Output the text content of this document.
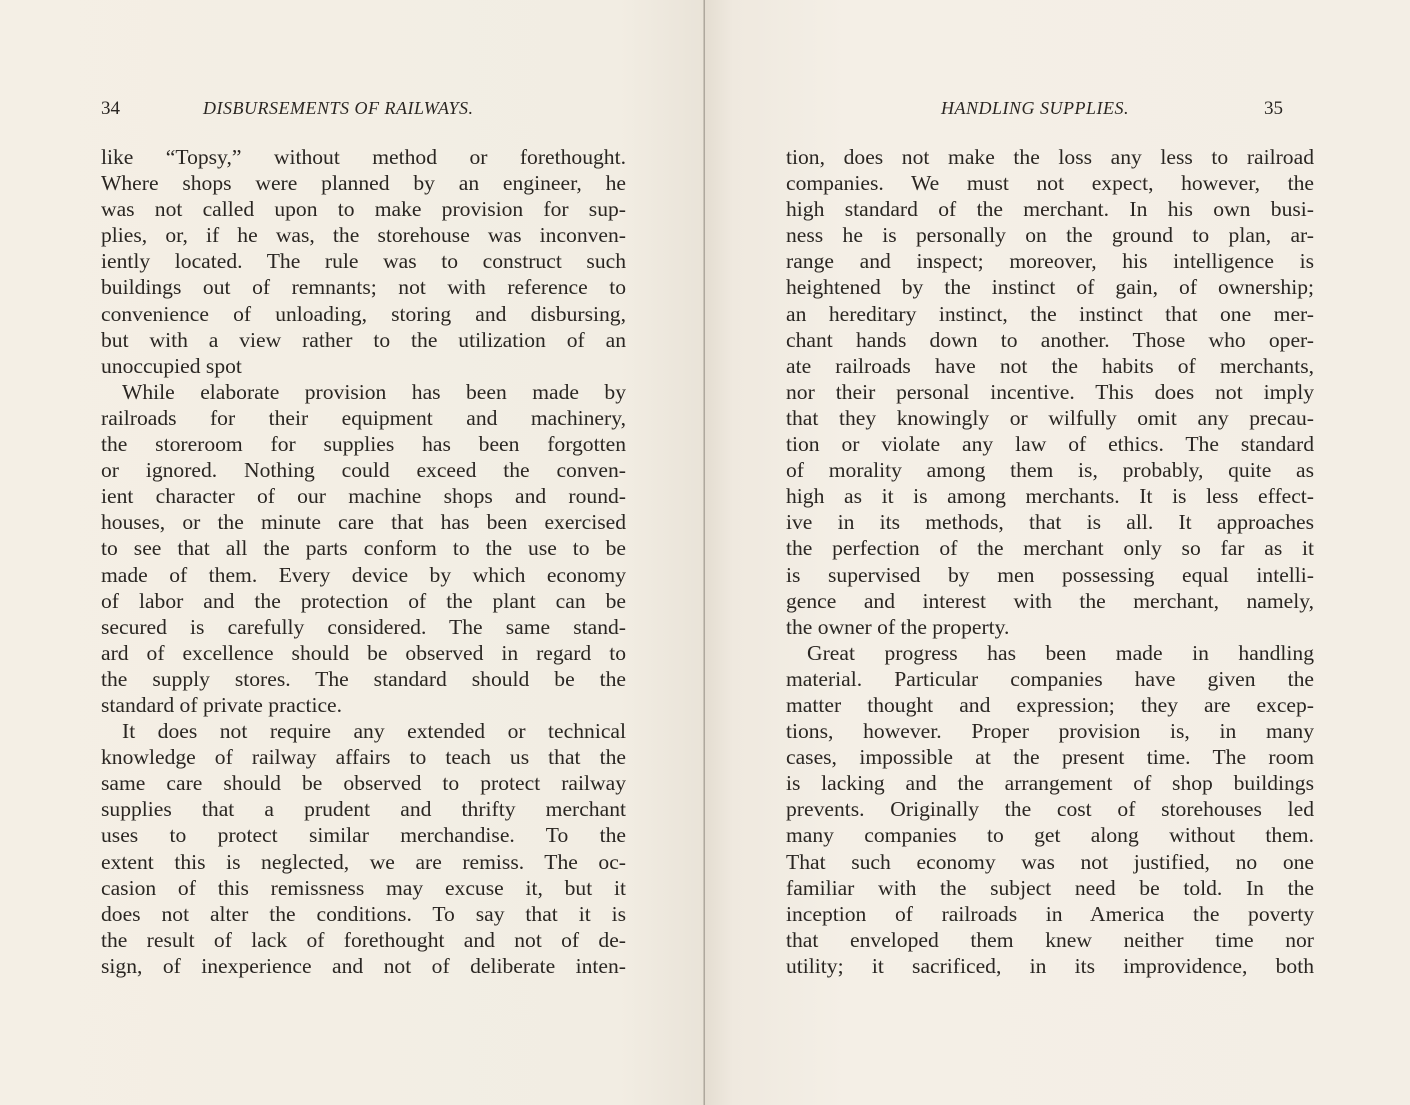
34	DISBURSEMENTS OF RAILWAYS.

like “Topsy,” without method or forethought.
Where shops were planned by an engineer, he
was not called upon to make provision for sup-
plies, or, if he was, the storehouse was inconven-
iently located. The rule was to construct such
buildings out of remnants; not with reference to
convenience of unloading, storing and disbursing,
but with a view rather to the utilization of an
unoccupied spot

While elaborate provision has been made by
railroads for their equipment and machinery,
the storeroom for supplies has been forgotten
or ignored. Nothing could exceed the conven-
ient character of our machine shops and round-
houses, or the minute care that has been exercised
to see that all the parts conform to the use to be
made of them. Every device by which economy
of labor and the protection of the plant can be
secured is carefully considered. The same stand-
ard of excellence should be observed in regard to
the supply stores. The standard should be the
standard of private practice.

It does not require any extended or technical
knowledge of railway affairs to teach us that the
same care should be observed to protect railway
supplies that a prudent and thrifty merchant
uses to protect similar merchandise. To the
extent this is neglected, we are remiss. The oc-
casion of this remissness may excuse it, but it
does not alter the conditions. To say that it is
the result of lack of forethought and not of de-
sign, of inexperience and not of deliberate inten-

HANDLING SUPPLIES.	35

tion, does not make the loss any less to railroad
companies. We must not expect, however, the
high standard of the merchant. In his own busi-
ness he is personally on the ground to plan, ar-
range and inspect; moreover, his intelligence is
heightened by the instinct of gain, of ownership;
an hereditary instinct, the instinct that one mer-
chant hands down to another. Those who oper-
ate railroads have not the habits of merchants,
nor their personal incentive. This does not imply
that they knowingly or wilfully omit any precau-
tion or violate any law of ethics. The standard
of morality among them is, probably, quite as
high as it is among merchants. It is less effect-
ive in its methods, that is all. It approaches
the perfection of the merchant only so far as it
is supervised by men possessing equal intelli-
gence and interest with the merchant, namely,
the owner of the property.

Great progress has been made in handling
material. Particular companies have given the
matter thought and expression; they are excep-
tions, however. Proper provision is, in many
cases, impossible at the present time. The room
is lacking and the arrangement of shop buildings
prevents. Originally the cost of storehouses led
many companies to get along without them.
That such economy was not justified, no one
familiar with the subject need be told. In the
inception of railroads in America the poverty
that enveloped them knew neither time nor
utility; it sacrificed, in its improvidence, both
